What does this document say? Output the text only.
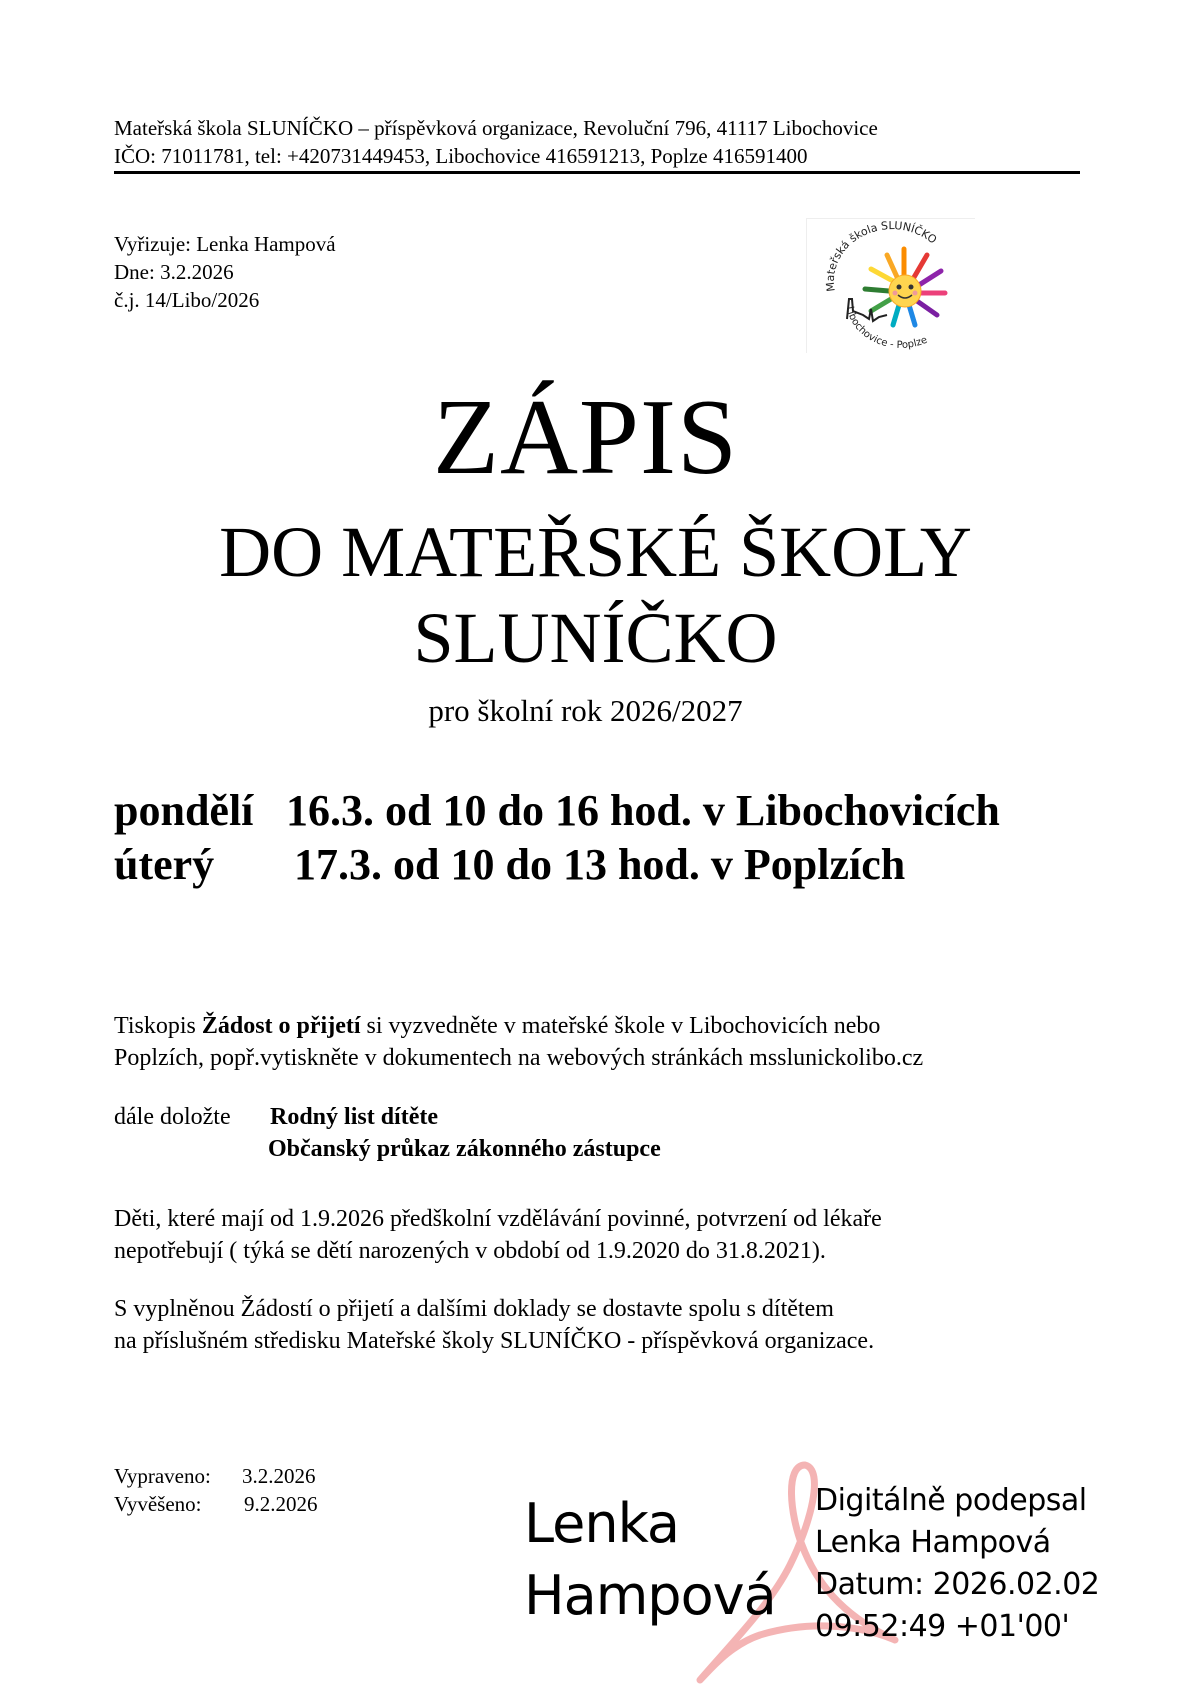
Mateřská škola SLUNÍČKO – příspěvková organizace, Revoluční 796, 41117 Libochovice
IČO: 71011781, tel: +420731449453, Libochovice 416591213, Poplze 416591400
Vyřizuje: Lenka Hampová
Dne: 3.2.2026
č.j. 14/Libo/2026
Mateřská škola SLUNÍČKO
Libochovice - Poplze
ZÁPIS
DO MATEŘSKÉ ŠKOLY
SLUNÍČKO
pro školní rok 2026/2027
pondělí 16.3. od 10 do 16 hod. v Libochovicích
úterý 17.3. od 10 do 13 hod. v Poplzích
Tiskopis Žádost o přijetí si vyzvedněte v mateřské škole v Libochovicích nebo
Poplzích, popř.vytiskněte v dokumentech na webových stránkách msslunickolibo.cz
dále doložte Rodný list dítěte
Občanský průkaz zákonného zástupce
Děti, které mají od 1.9.2026 předškolní vzdělávání povinné, potvrzení od lékaře
nepotřebují ( týká se dětí narozených v období od 1.9.2020 do 31.8.2021).
S vyplněnou Žádostí o přijetí a dalšími doklady se dostavte spolu s dítětem
na příslušném středisku Mateřské školy SLUNÍČKO - příspěvková organizace.
Vypraveno: 3.2.2026
Vyvěšeno: 9.2.2026	Lenka
Hampová
Digitálně podepsal
Lenka Hampová
Datum: 2026.02.02
09:52:49 +01'00'
